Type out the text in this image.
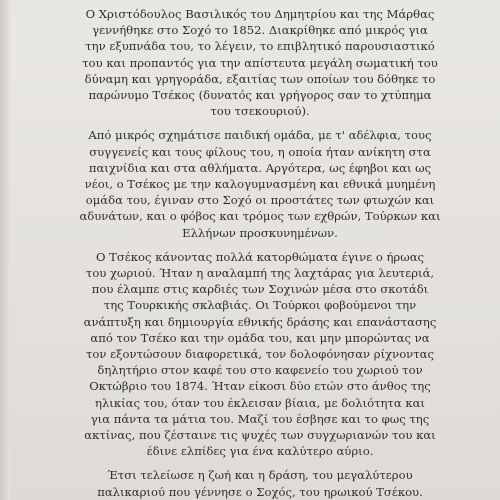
Ο Χριστόδουλος Βασιλικός του Δημητρίου και της Μάρθας
γεννήθηκε στο Σοχό το 1852. Διακρίθηκε από μικρός για
την εξυπνάδα του, το λέγειν, το επιβλητικό παρουσιαστικό
του και προπαντός για την απίστευτα μεγάλη σωματική του
δύναμη και γρηγοράδα, εξαιτίας των οποίων του δόθηκε το
παρώνυμο Τσέκος (δυνατός και γρήγορος σαν το χτύπημα
του τσεκουριού).
Από μικρός σχημάτισε παιδική ομάδα, με τ' αδέλφια, τους
συγγενείς και τους φίλους του, η οποία ήταν ανίκητη στα
παιχνίδια και στα αθλήματα. Αργότερα, ως έφηβοι και ως
νέοι, ο Τσέκος με την καλογυμνασμένη και εθνικά μυημένη
ομάδα του, έγιναν στο Σοχό οι προστάτες των φτωχών και
αδυνάτων, και ο φόβος και τρόμος των εχθρών, Τούρκων και
Ελλήνων προσκυνημένων.
Ο Τσέκος κάνοντας πολλά κατορθώματα έγινε ο ήρωας
του χωριού. Ήταν η αναλαμπή της λαχτάρας για λευτεριά,
που έλαμπε στις καρδιές των Σοχινών μέσα στο σκοτάδι
της Τουρκικής σκλαβιάς. Οι Τούρκοι φοβούμενοι την
ανάπτυξη και δημιουργία εθνικής δράσης και επανάστασης
από τον Τσέκο και την ομάδα του, και μην μπορώντας να
τον εξοντώσουν διαφορετικά, τον δολοφόνησαν ρίχνοντας
δηλητήριο στον καφέ του στο καφενείο του χωριού τον
Οκτώβριο του 1874. Ήταν είκοσι δύο ετών στο άνθος της
ηλικίας του, όταν του έκλεισαν βίαια, με δολιότητα και
για πάντα τα μάτια του. Μαζί του έσβησε και το φως της
ακτίνας, που ζέσταινε τις ψυχές των συγχωριανών του και
έδινε ελπίδες για ένα καλύτερο αύριο.
Έτσι τελείωσε η ζωή και η δράση, του μεγαλύτερου
παλικαριού που γέννησε ο Σοχός, του ηρωικού Τσέκου.
